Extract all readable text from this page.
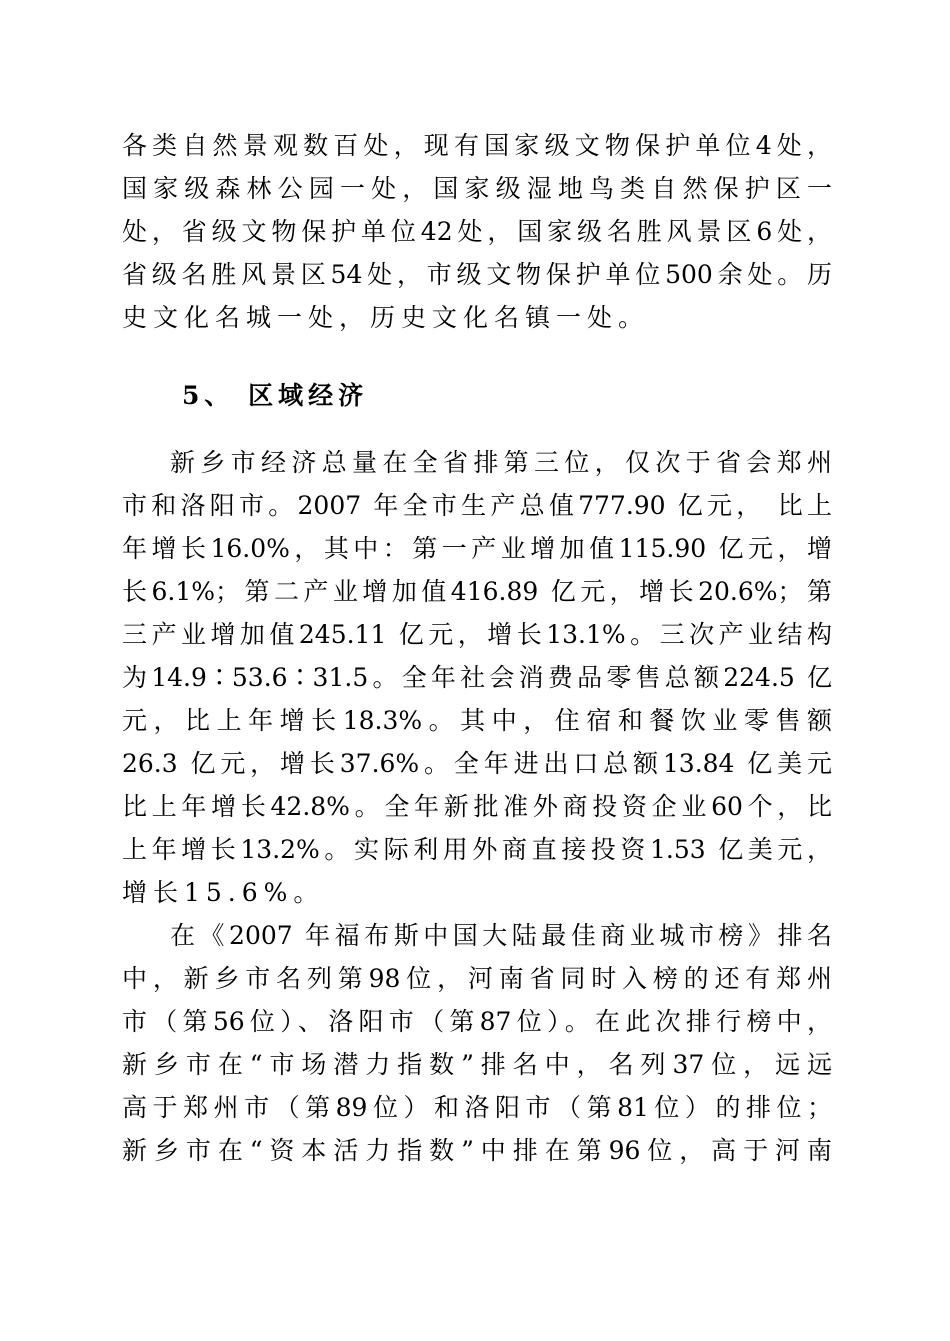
各类自然景观数百处，现有国家级文物保护单位4处，
国家级森林公园一处，国家级湿地鸟类自然保护区一
处，省级文物保护单位42处，国家级名胜风景区6处，
省级名胜风景区54处，市级文物保护单位500余处。历
史文化名城一处，历史文化名镇一处。
5、 区域经济
新乡市经济总量在全省排第三位，仅次于省会郑州
市和洛阳市。2007 年全市生产总值777.90 亿元， 比上
年增长16.0%，其中：第一产业增加值115.90 亿元，增
长6.1%；第二产业增加值416.89 亿元，增长20.6%；第
三产业增加值245.11 亿元，增长13.1%。三次产业结构
为14.9∶53.6∶31.5。全年社会消费品零售总额224.5 亿
元，比上年增长18.3%。其中，住宿和餐饮业零售额
26.3 亿元，增长37.6%。全年进出口总额13.84 亿美元
比上年增长42.8%。全年新批准外商投资企业60个，比
上年增长13.2%。实际利用外商直接投资1.53 亿美元，
增长15.6%。
在《2007 年福布斯中国大陆最佳商业城市榜》排名
中，新乡市名列第98位，河南省同时入榜的还有郑州
市（第56位）、洛阳市（第87位）。在此次排行榜中，
新乡市在“市场潜力指数”排名中，名列37位，远远
高于郑州市（第89位）和洛阳市（第81位）的排位；
新乡市在“资本活力指数”中排在第96位，高于河南
